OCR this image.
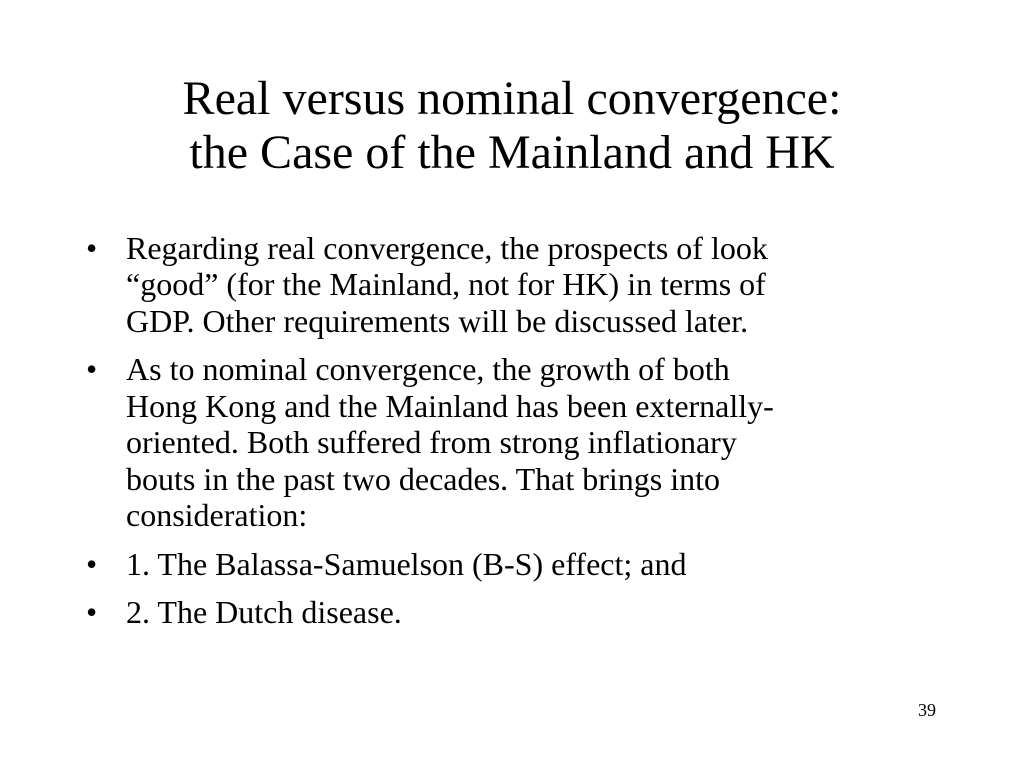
Real versus nominal convergence:
the Case of the Mainland and HK
• Regarding real convergence, the prospects of look
“good” (for the Mainland, not for HK) in terms of
GDP. Other requirements will be discussed later.
• As to nominal convergence, the growth of both
Hong Kong and the Mainland has been externally-
oriented. Both suffered from strong inflationary
bouts in the past two decades. That brings into
consideration:
• 1. The Balassa-Samuelson (B-S) effect; and
• 2. The Dutch disease.
39
